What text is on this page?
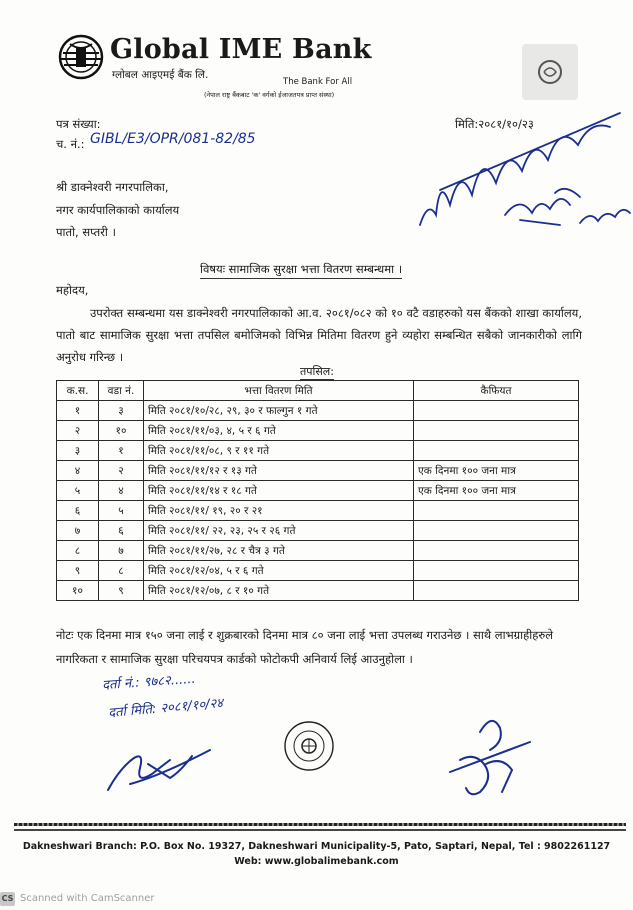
Global IME Bank
ग्लोबल आइएमई बैंक लि.
The Bank For All
(नेपाल राष्ट्र बैंकबाट 'क' वर्गको ईजाजतपत्र प्राप्त संस्था)
पत्र संख्या:
च. नं.: GIBL/E3/OPR/081-82/85
मिति:२०८१/१०/२३
श्री डाक्नेश्वरी नगरपालिका,
नगर कार्यपालिकाको कार्यालय
पातो, सप्तरी ।
विषयः सामाजिक सुरक्षा भत्ता वितरण सम्बन्धमा ।
महोदय,
उपरोक्त सम्बन्धमा यस डाक्नेश्वरी नगरपालिकाको आ.व. २०८१/०८२ को १० वटै वडाहरुको यस बैंकको शाखा कार्यालय, पातो बाट सामाजिक सुरक्षा भत्ता तपसिल बमोजिमको विभिन्न मितिमा वितरण हुने व्यहोरा सम्बन्धित सबैको जानकारीको लागि अनुरोध गरिन्छ ।
तपसिल:
क.स.	वडा नं.	भत्ता वितरण मिति	कैफियत
१	३	मिति २०८१/१०/२८, २९, ३० र फाल्गुन १ गते	
२	१०	मिति २०८१/११/०३, ४, ५ र ६ गते	
३	१	मिति २०८१/११/०८, ९ र ११ गते	
४	२	मिति २०८१/११/१२ र १३ गते	एक दिनमा १०० जना मात्र
५	४	मिति २०८१/११/१४ र १८ गते	एक दिनमा १०० जना मात्र
६	५	मिति २०८१/११/ १९, २० र २१	
७	६	मिति २०८१/११/ २२, २३, २५ र २६ गते	
८	७	मिति २०८१/११/२७, २८ र चैत्र ३ गते	
९	८	मिति २०८१/१२/०४, ५ र ६ गते	
१०	९	मिति २०८१/१२/०७, ८ र १० गते	
नोटः एक दिनमा मात्र १५० जना लाई र शुक्रबारको दिनमा मात्र ८० जना लाई भत्ता उपलब्ध गराउनेछ । साथै लाभग्राहीहरुले नागरिकता र सामाजिक सुरक्षा परिचयपत्र कार्डको फोटोकपी अनिवार्य लिई आउनुहोला ।
दर्ता नं.: ९७८२......
दर्ता मिति: २०८१/१०/२४
Dakneshwari Branch: P.O. Box No. 19327, Dakneshwari Municipality-5, Pato, Saptari, Nepal, Tel : 9802261127
Web: www.globalimebank.com
CS Scanned with CamScanner
